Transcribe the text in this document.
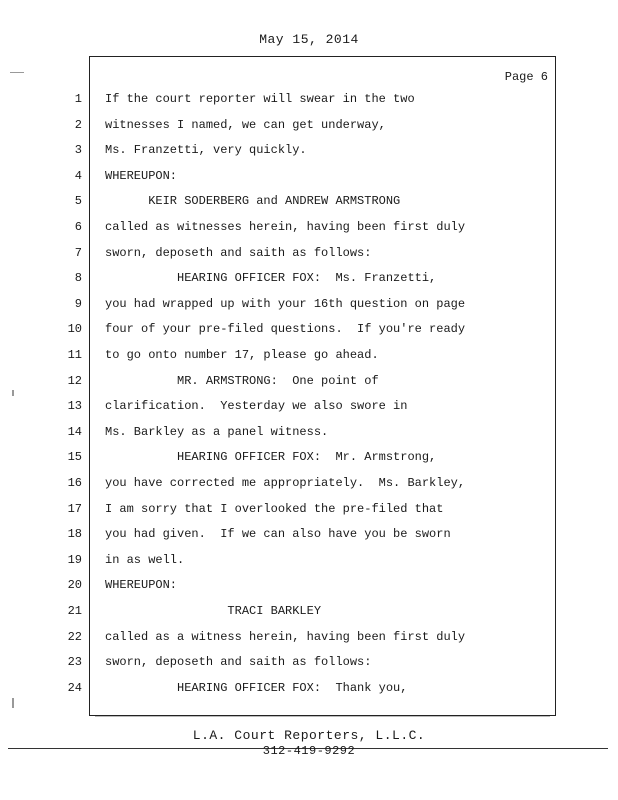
May 15, 2014
Page 6
1 If the court reporter will swear in the two
2 witnesses I named, we can get underway,
3 Ms. Franzetti, very quickly.
4 WHEREUPON:
5 KEIR SODERBERG and ANDREW ARMSTRONG
6 called as witnesses herein, having been first duly
7 sworn, deposeth and saith as follows:
8 HEARING OFFICER FOX:  Ms. Franzetti,
9 you had wrapped up with your 16th question on page
10 four of your pre-filed questions.  If you're ready
11 to go onto number 17, please go ahead.
12 MR. ARMSTRONG:  One point of
13 clarification.  Yesterday we also swore in
14 Ms. Barkley as a panel witness.
15 HEARING OFFICER FOX:  Mr. Armstrong,
16 you have corrected me appropriately.  Ms. Barkley,
17 I am sorry that I overlooked the pre-filed that
18 you had given.  If we can also have you be sworn
19 in as well.
20 WHEREUPON:
21 TRACI BARKLEY
22 called as a witness herein, having been first duly
23 sworn, deposeth and saith as follows:
24 HEARING OFFICER FOX:  Thank you,
L.A. Court Reporters, L.L.C.
312-419-9292
